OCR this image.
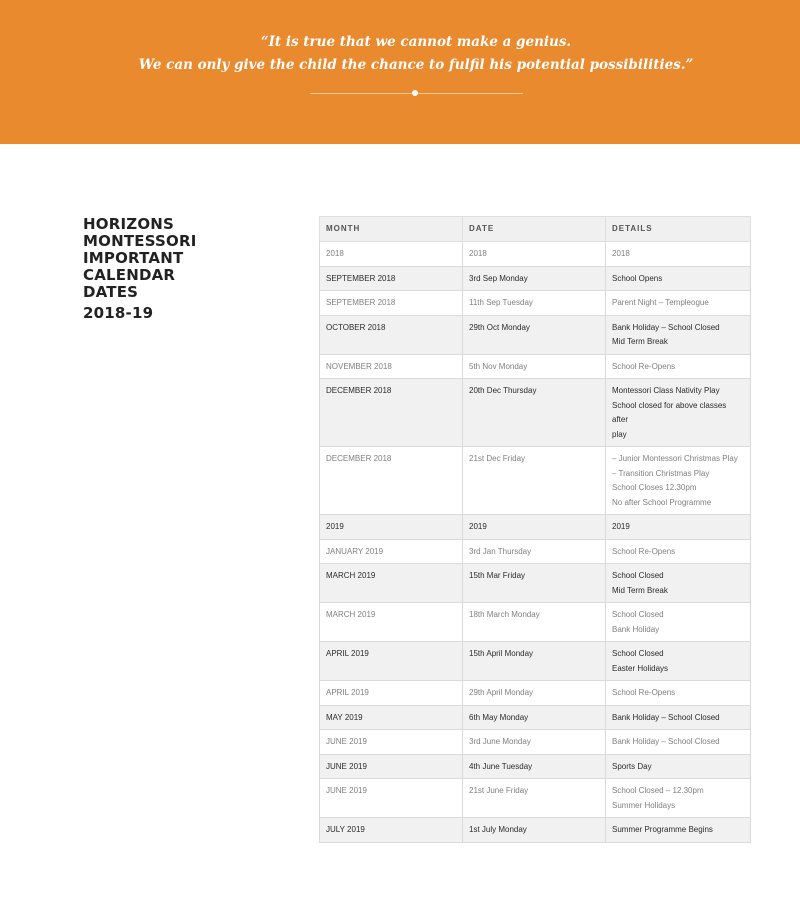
“It is true that we cannot make a genius.
We can only give the child the chance to fulfil his potential possibilities.”
HORIZONS MONTESSORI
IMPORTANT CALENDAR
DATES
2018-19
MONTH	DATE	DETAILS
2018	2018	2018

SEPTEMBER 2018	3rd Sep Monday	School Opens

SEPTEMBER 2018	11th Sep Tuesday	Parent Night – Templeogue

OCTOBER 2018	29th Oct Monday	Bank Holiday – School Closed
Mid Term Break

NOVEMBER 2018	5th Nov Monday	School Re-Opens

DECEMBER 2018	20th Dec Thursday	Montessori Class Nativity Play
School closed for above classes after
play

DECEMBER 2018	21st Dec Friday	– Junior Montessori Christmas Play
– Transition Christmas Play
School Closes 12.30pm
No after School Programme

2019	2019	2019

JANUARY 2019	3rd Jan Thursday	School Re-Opens

MARCH 2019	15th Mar Friday	School Closed
Mid Term Break

MARCH 2019	18th March Monday	School Closed
Bank Holiday

APRIL 2019	15th April Monday	School Closed
Easter Holidays

APRIL 2019	29th April Monday	School Re-Opens

MAY 2019	6th May Monday	Bank Holiday – School Closed

JUNE 2019	3rd June Monday	Bank Holiday – School Closed

JUNE 2019	4th June Tuesday	Sports Day

JUNE 2019	21st June Friday	School Closed – 12.30pm
Summer Holidays

JULY 2019	1st July Monday	Summer Programme Begins
